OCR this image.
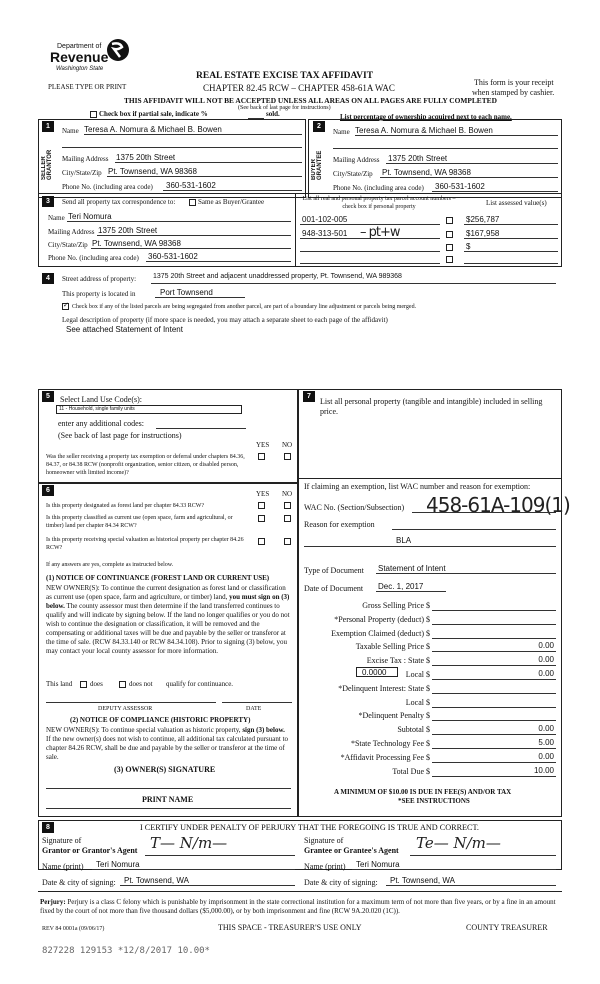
Department of
Revenue
Washington State
PLEASE TYPE OR PRINT
REAL ESTATE EXCISE TAX AFFIDAVIT
CHAPTER 82.45 RCW – CHAPTER 458-61A WAC
This form is your receipt
when stamped by cashier.
THIS AFFIDAVIT WILL NOT BE ACCEPTED UNLESS ALL AREAS ON ALL PAGES ARE FULLY COMPLETED
(See back of last page for instructions)
Check box if partial sale, indicate %	sold.	List percentage of ownership acquired next to each name.
1
SELLER GRANTOR
Name Teresa A. Nomura & Michael B. Bowen
Mailing Address 1375 20th Street
City/State/Zip Pt. Townsend, WA 98368
Phone No. (including area code) 360-531-1602
2
BUYER GRANTEE
Name Teresa A. Nomura & Michael B. Bowen
Mailing Address 1375 20th Street
City/State/Zip Pt. Townsend, WA 98368
Phone No. (including area code) 360-531-1602
3	Send all property tax correspondence to:	Same as Buyer/Grantee
Name Teri Nomura
Mailing Address 1375 20th Street
City/State/Zip Pt. Townsend, WA 98368
Phone No. (including area code) 360-531-1602
List all real and personal property tax parcel account numbers – check box if personal property	List assessed value(s)
001-102-005	$256,787
948-313-501 – pt+w	$167,958
$
4	Street address of property: 1375 20th Street and adjacent unaddressed property, Pt. Townsend, WA 989368
This property is located in	Port Townsend
✓ Check box if any of the listed parcels are being segregated from another parcel, are part of a boundary line adjustment or parcels being merged.
Legal description of property (if more space is needed, you may attach a separate sheet to each page of the affidavit)
See attached Statement of Intent
5	Select Land Use Code(s):
11 - Household, single family units
enter any additional codes:
(See back of last page for instructions)
YES NO
Was the seller receiving a property tax exemption or deferral under chapters 84.36, 84.37, or 84.38 RCW (nonprofit organization, senior citizen, or disabled person, homeowner with limited income)?
6	YES NO
Is this property designated as forest land per chapter 84.33 RCW?
Is this property classified as current use (open space, farm and agricultural, or timber) land per chapter 84.34 RCW?
Is this property receiving special valuation as historical property per chapter 84.26 RCW?
If any answers are yes, complete as instructed below.
(1) NOTICE OF CONTINUANCE (FOREST LAND OR CURRENT USE)
NEW OWNER(S): To continue the current designation as forest land or classification as current use (open space, farm and agriculture, or timber) land, you must sign on (3) below. The county assessor must then determine if the land transferred continues to qualify and will indicate by signing below. If the land no longer qualifies or you do not wish to continue the designation or classification, it will be removed and the compensating or additional taxes will be due and payable by the seller or transferor at the time of sale. (RCW 84.33.140 or RCW 84.34.108). Prior to signing (3) below, you may contact your local county assessor for more information.
This land	does	does not qualify for continuance.
DEPUTY ASSESSOR	DATE
(2) NOTICE OF COMPLIANCE (HISTORIC PROPERTY)
NEW OWNER(S): To continue special valuation as historic property, sign (3) below. If the new owner(s) does not wish to continue, all additional tax calculated pursuant to chapter 84.26 RCW, shall be due and payable by the seller or transferor at the time of sale.
(3) OWNER(S) SIGNATURE
PRINT NAME
7
List all personal property (tangible and intangible) included in selling price.
If claiming an exemption, list WAC number and reason for exemption:
WAC No. (Section/Subsection) 458-61A-109(1)
Reason for exemption
BLA
Type of Document Statement of Intent
Date of Document Dec. 1, 2017
Gross Selling Price $
*Personal Property (deduct) $
Exemption Claimed (deduct) $
Taxable Selling Price $	0.00
Excise Tax : State $	0.00
Local $	0.00
*Delinquent Interest: State $
Local $
*Delinquent Penalty $
Subtotal $	0.00
*State Technology Fee $	5.00
*Affidavit Processing Fee $	0.00
Total Due $	10.00
0.0000
A MINIMUM OF $10.00 IS DUE IN FEE(S) AND/OR TAX
*SEE INSTRUCTIONS
8	I CERTIFY UNDER PENALTY OF PERJURY THAT THE FOREGOING IS TRUE AND CORRECT.
Signature of
Grantor or Grantor's Agent T— N/m—	Signature of
Grantee or Grantee's Agent Te— N/m—
Name (print) Teri Nomura	Name (print) Teri Nomura
Date & city of signing: Pt. Townsend, WA	Date & city of signing: Pt. Townsend, WA
Perjury: Perjury is a class C felony which is punishable by imprisonment in the state correctional institution for a maximum term of not more than five years, or by a fine in an amount fixed by the court of not more than five thousand dollars ($5,000.00), or by both imprisonment and fine (RCW 9A.20.020 (1C)).
REV 84 0001a (09/06/17)	THIS SPACE - TREASURER'S USE ONLY	COUNTY TREASURER
827228 129153 *12/8/2017 10.00*
